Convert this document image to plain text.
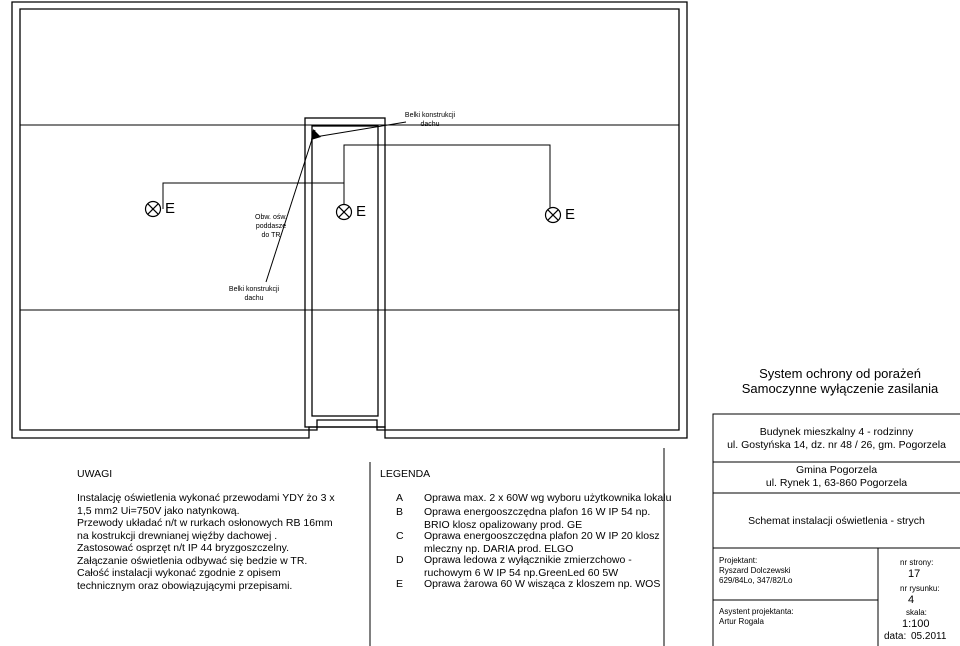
Belki konstrukcji
dachu
Belki konstrukcji
dachu
Obw. ośw.
poddasze
do TR
E	E	E
System ochrony od porażeń
Samoczynne wyłączenie zasilania
UWAGI
Instalację oświetlenia wykonać przewodami YDY żo 3 x
1,5 mm2 Ui=750V jako natynkową.
Przewody układać n/t w rurkach osłonowych RB 16mm
na kostrukcji drewnianej więźby dachowej .
Zastosować osprzęt n/t IP 44 bryzgoszczelny.
Załączanie oświetlenia odbywać się bedzie w TR.
Całość instalacji wykonać zgodnie z opisem
technicznym oraz obowiązującymi przepisami.
LEGENDA
A Oprawa max. 2 x 60W wg wyboru użytkownika lokalu
B Oprawa energooszczędna plafon 16 W IP 54 np.
BRIO klosz opalizowany prod. GE
C Oprawa energooszczędna plafon 20 W IP 20 klosz
mleczny np. DARIA prod. ELGO
D Oprawa ledowa z wyłącznikie zmierzchowo -
ruchowym 6 W IP 54 np.GreenLed 60 5W
E Oprawa żarowa 60 W wisząca z kloszem np. WOS
Budynek mieszkalny 4 - rodzinny
ul. Gostyńska 14, dz. nr 48 / 26, gm. Pogorzela
Gmina Pogorzela
ul. Rynek 1, 63-860 Pogorzela
Schemat instalacji oświetlenia - strych
Projektant:
Ryszard Dolczewski
629/84Lo, 347/82/Lo
Asystent projektanta:
Artur Rogala
nr strony:
17
nr rysunku:
4
skala:
1:100
data: 05.2011
